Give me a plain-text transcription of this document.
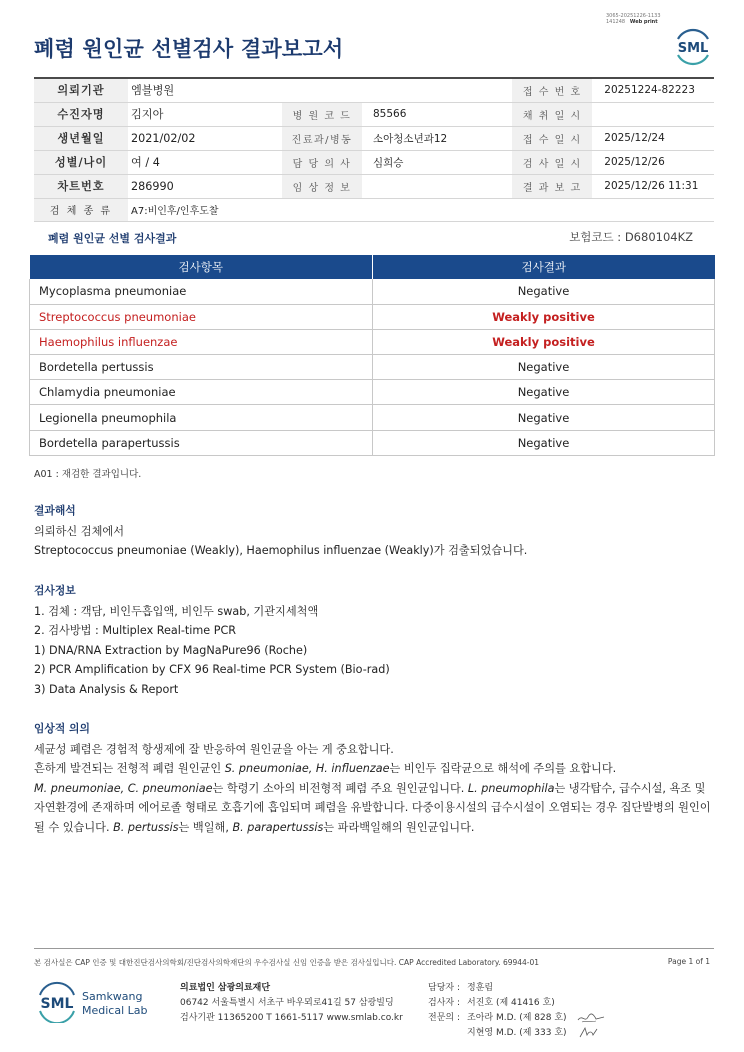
3065-20251226-1133
141248 Web print
폐렴 원인균 선별검사 결과보고서	SML
의뢰기관	엠블병원			접 수 번 호	20251224-82223
수진자명	김지아	병 원 코 드	85566	채 취 일 시	
생년월일	2021/02/02	진료과/병동	소아청소년과12	접 수 일 시	2025/12/24
성별/나이	여 / 4	담 당 의 사	심희승	검 사 일 시	2025/12/26
차트번호	286990	임 상 정 보		결 과 보 고	2025/12/26 11:31
검 체 종 류	A7:비인후/인후도찰				
폐렴 원인균 선별 검사결과	보험코드 : D680104KZ
검사항목	검사결과
Mycoplasma pneumoniae	Negative
Streptococcus pneumoniae	Weakly positive
Haemophilus influenzae	Weakly positive
Bordetella pertussis	Negative
Chlamydia pneumoniae	Negative
Legionella pneumophila	Negative
Bordetella parapertussis	Negative
A01 : 재검한 결과입니다.
결과해석
의뢰하신 검체에서
Streptococcus pneumoniae (Weakly), Haemophilus influenzae (Weakly)가 검출되었습니다.
검사정보
1. 검체 : 객담, 비인두흡입액, 비인두 swab, 기관지세척액
2. 검사방법 : Multiplex Real-time PCR
1) DNA/RNA Extraction by MagNaPure96 (Roche)
2) PCR Amplification by CFX 96 Real-time PCR System (Bio-rad)
3) Data Analysis & Report
임상적 의의
세균성 폐렴은 경험적 항생제에 잘 반응하여 원인균을 아는 게 중요합니다.
흔하게 발견되는 전형적 폐렴 원인균인 S. pneumoniae, H. influenzae는 비인두 집락균으로 해석에 주의를 요합니다.
M. pneumoniae, C. pneumoniae는 학령기 소아의 비전형적 폐렴 주요 원인균입니다. L. pneumophila는 냉각탑수, 급수시설, 욕조 및
자연환경에 존재하며 에어로졸 형태로 호흡기에 흡입되며 폐렴을 유발합니다. 다중이용시설의 급수시설이 오염되는 경우 집단발병의 원인이
될 수 있습니다. B. pertussis는 백일해, B. parapertussis는 파라백일해의 원인균입니다.
본 검사실은 CAP 인증 및 대한진단검사의학회/진단검사의학재단의 우수검사실 신임 인증을 받은 검사실입니다. CAP Accredited Laboratory. 69944-01	Page 1 of 1
SML Samkwang
Medical Lab
의료법인 삼광의료재단
06742 서울특별시 서초구 바우뫼로41길 57 삼광빌딩
검사기관 11365200 T 1661-5117 www.smlab.co.kr
담당자 : 정훈림
검사자 : 서진호 (제 41416 호)
전문의 : 조아라 M.D. (제 828 호)
지현영 M.D. (제 333 호)
